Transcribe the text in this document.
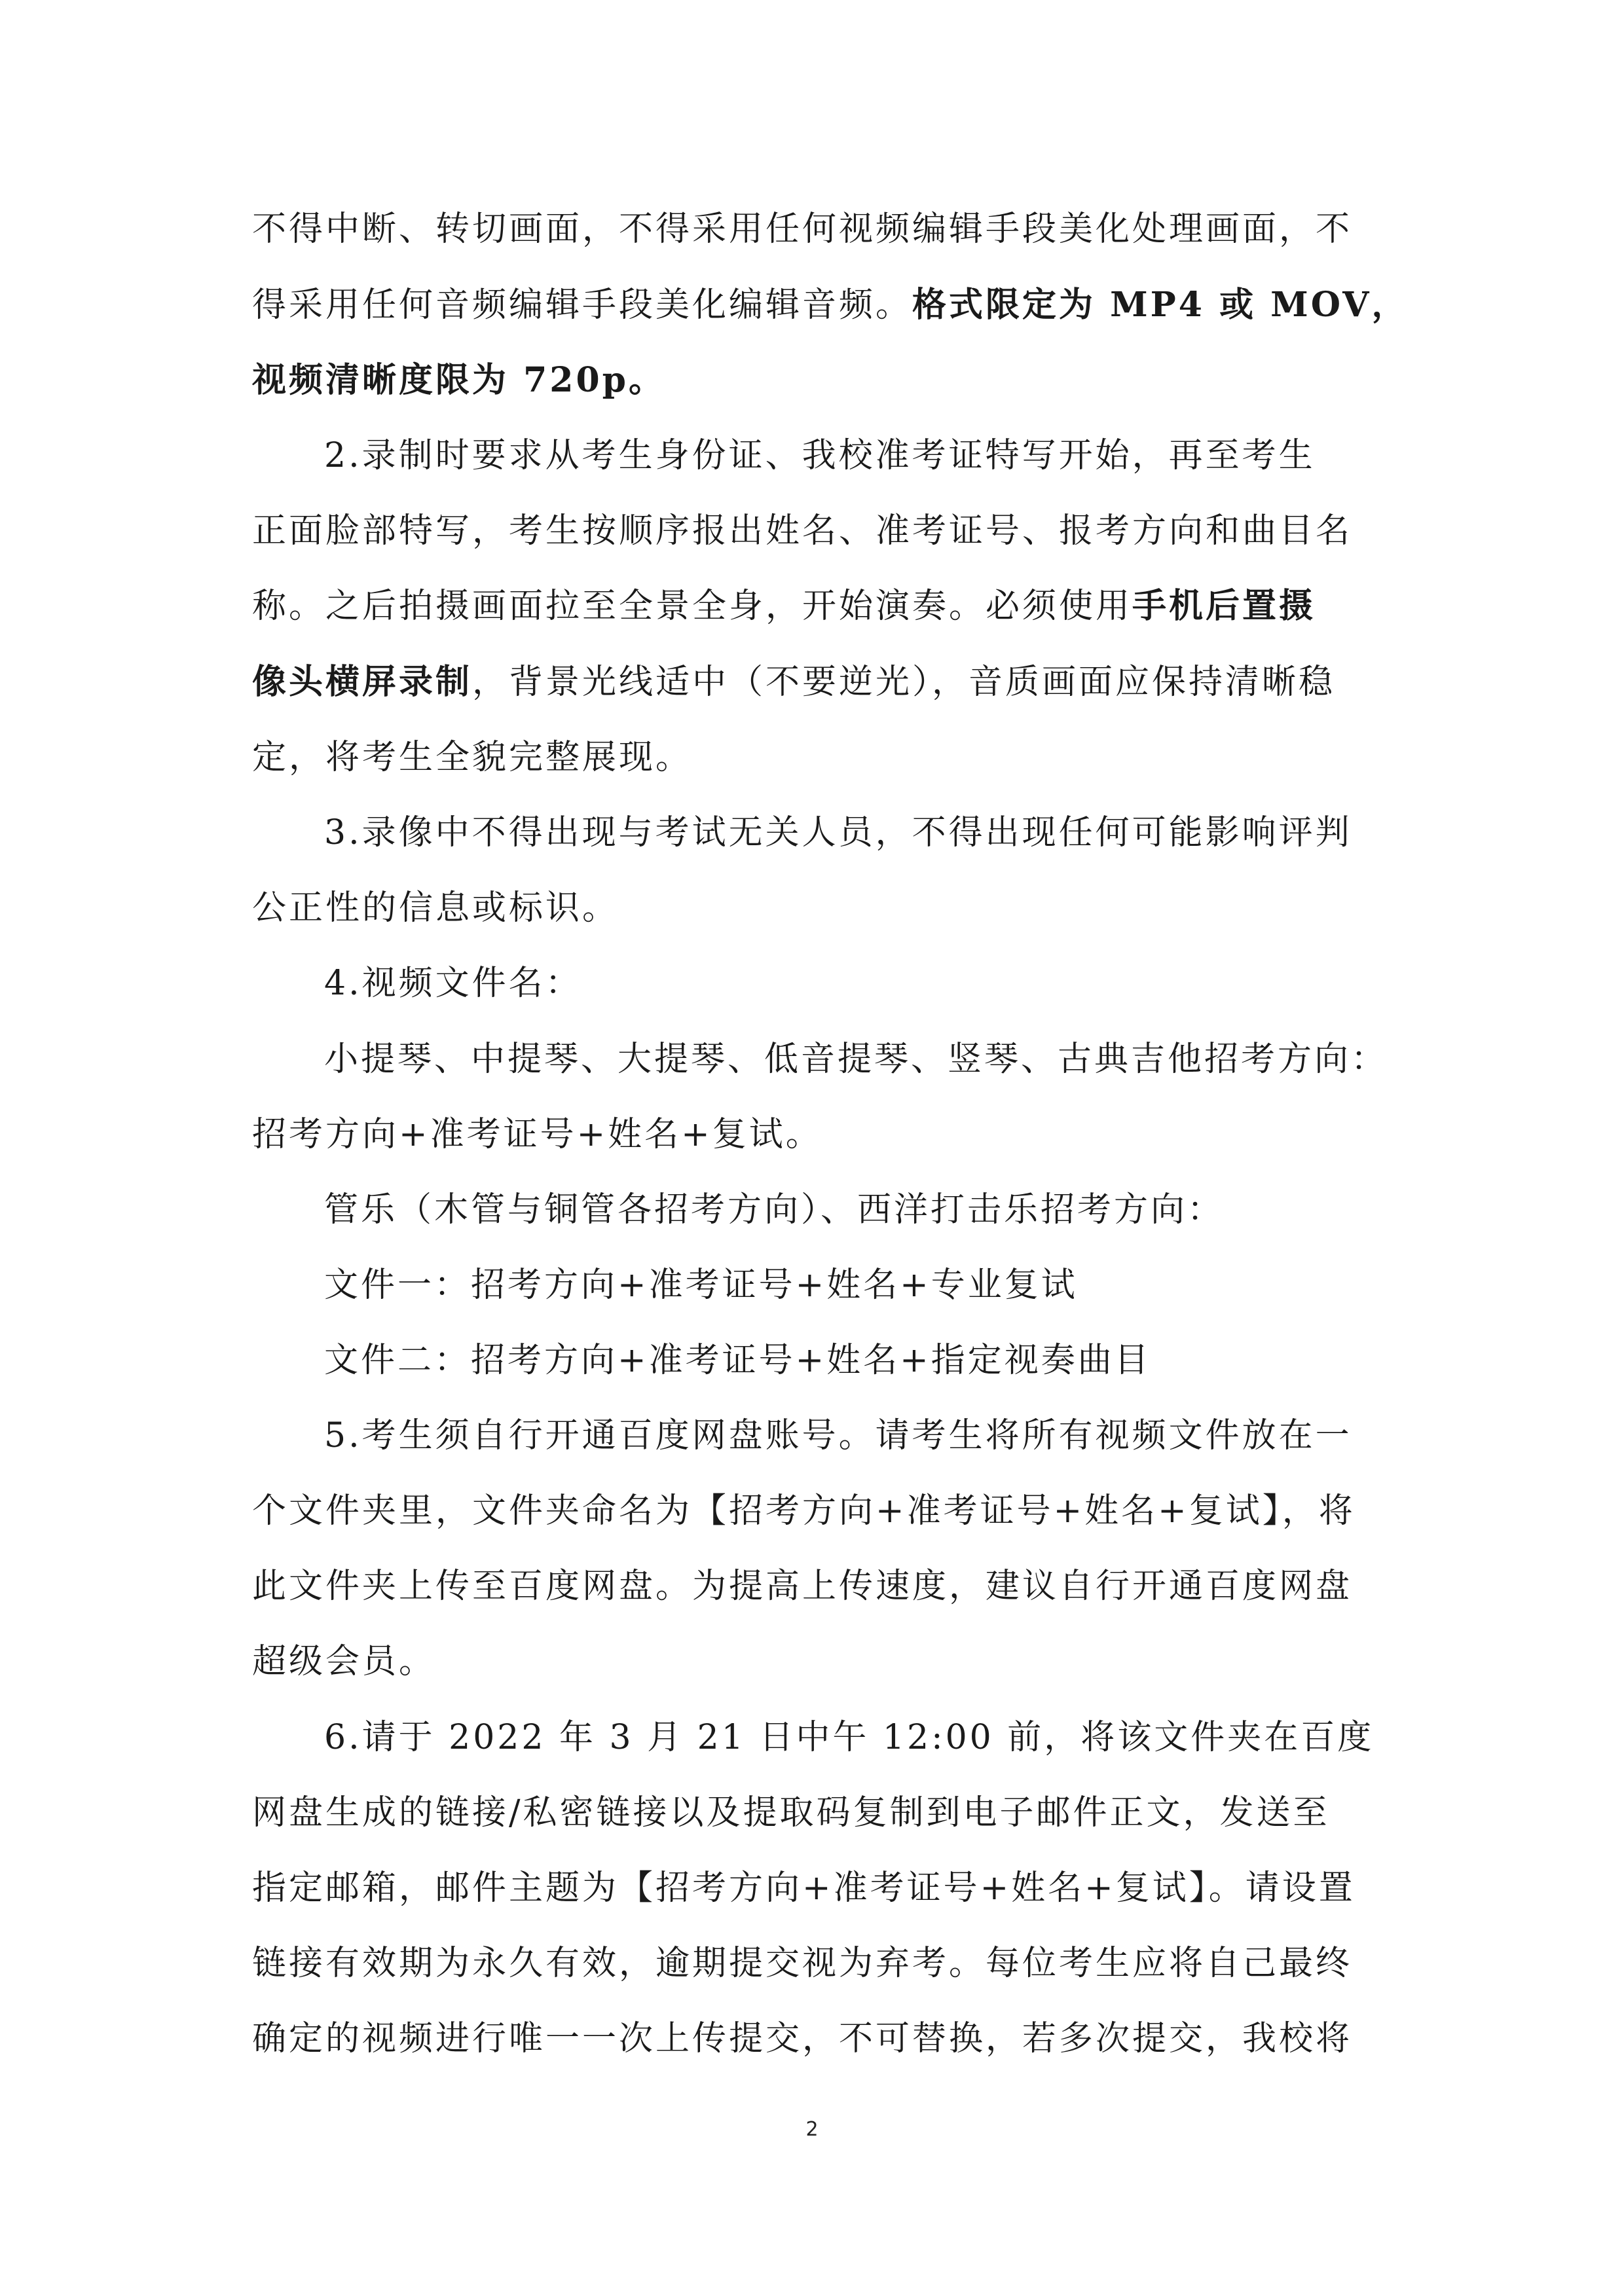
不得中断、转切画面，不得采用任何视频编辑手段美化处理画面，不
得采用任何音频编辑手段美化编辑音频。格式限定为 MP4 或 MOV，
视频清晰度限为 720p。
2.录制时要求从考生身份证、我校准考证特写开始，再至考生
正面脸部特写，考生按顺序报出姓名、准考证号、报考方向和曲目名
称。之后拍摄画面拉至全景全身，开始演奏。必须使用手机后置摄
像头横屏录制，背景光线适中（不要逆光），音质画面应保持清晰稳
定，将考生全貌完整展现。
3.录像中不得出现与考试无关人员，不得出现任何可能影响评判
公正性的信息或标识。
4.视频文件名：
小提琴、中提琴、大提琴、低音提琴、竖琴、古典吉他招考方向：
招考方向+准考证号+姓名+复试。
管乐（木管与铜管各招考方向）、西洋打击乐招考方向：
文件一：招考方向+准考证号+姓名+专业复试
文件二：招考方向+准考证号+姓名+指定视奏曲目
5.考生须自行开通百度网盘账号。请考生将所有视频文件放在一
个文件夹里，文件夹命名为【招考方向+准考证号+姓名+复试】，将
此文件夹上传至百度网盘。为提高上传速度，建议自行开通百度网盘
超级会员。
6.请于 2022 年 3 月 21 日中午 12:00 前，将该文件夹在百度
网盘生成的链接/私密链接以及提取码复制到电子邮件正文，发送至
指定邮箱，邮件主题为【招考方向+准考证号+姓名+复试】。请设置
链接有效期为永久有效，逾期提交视为弃考。每位考生应将自己最终
确定的视频进行唯一一次上传提交，不可替换，若多次提交，我校将
2
